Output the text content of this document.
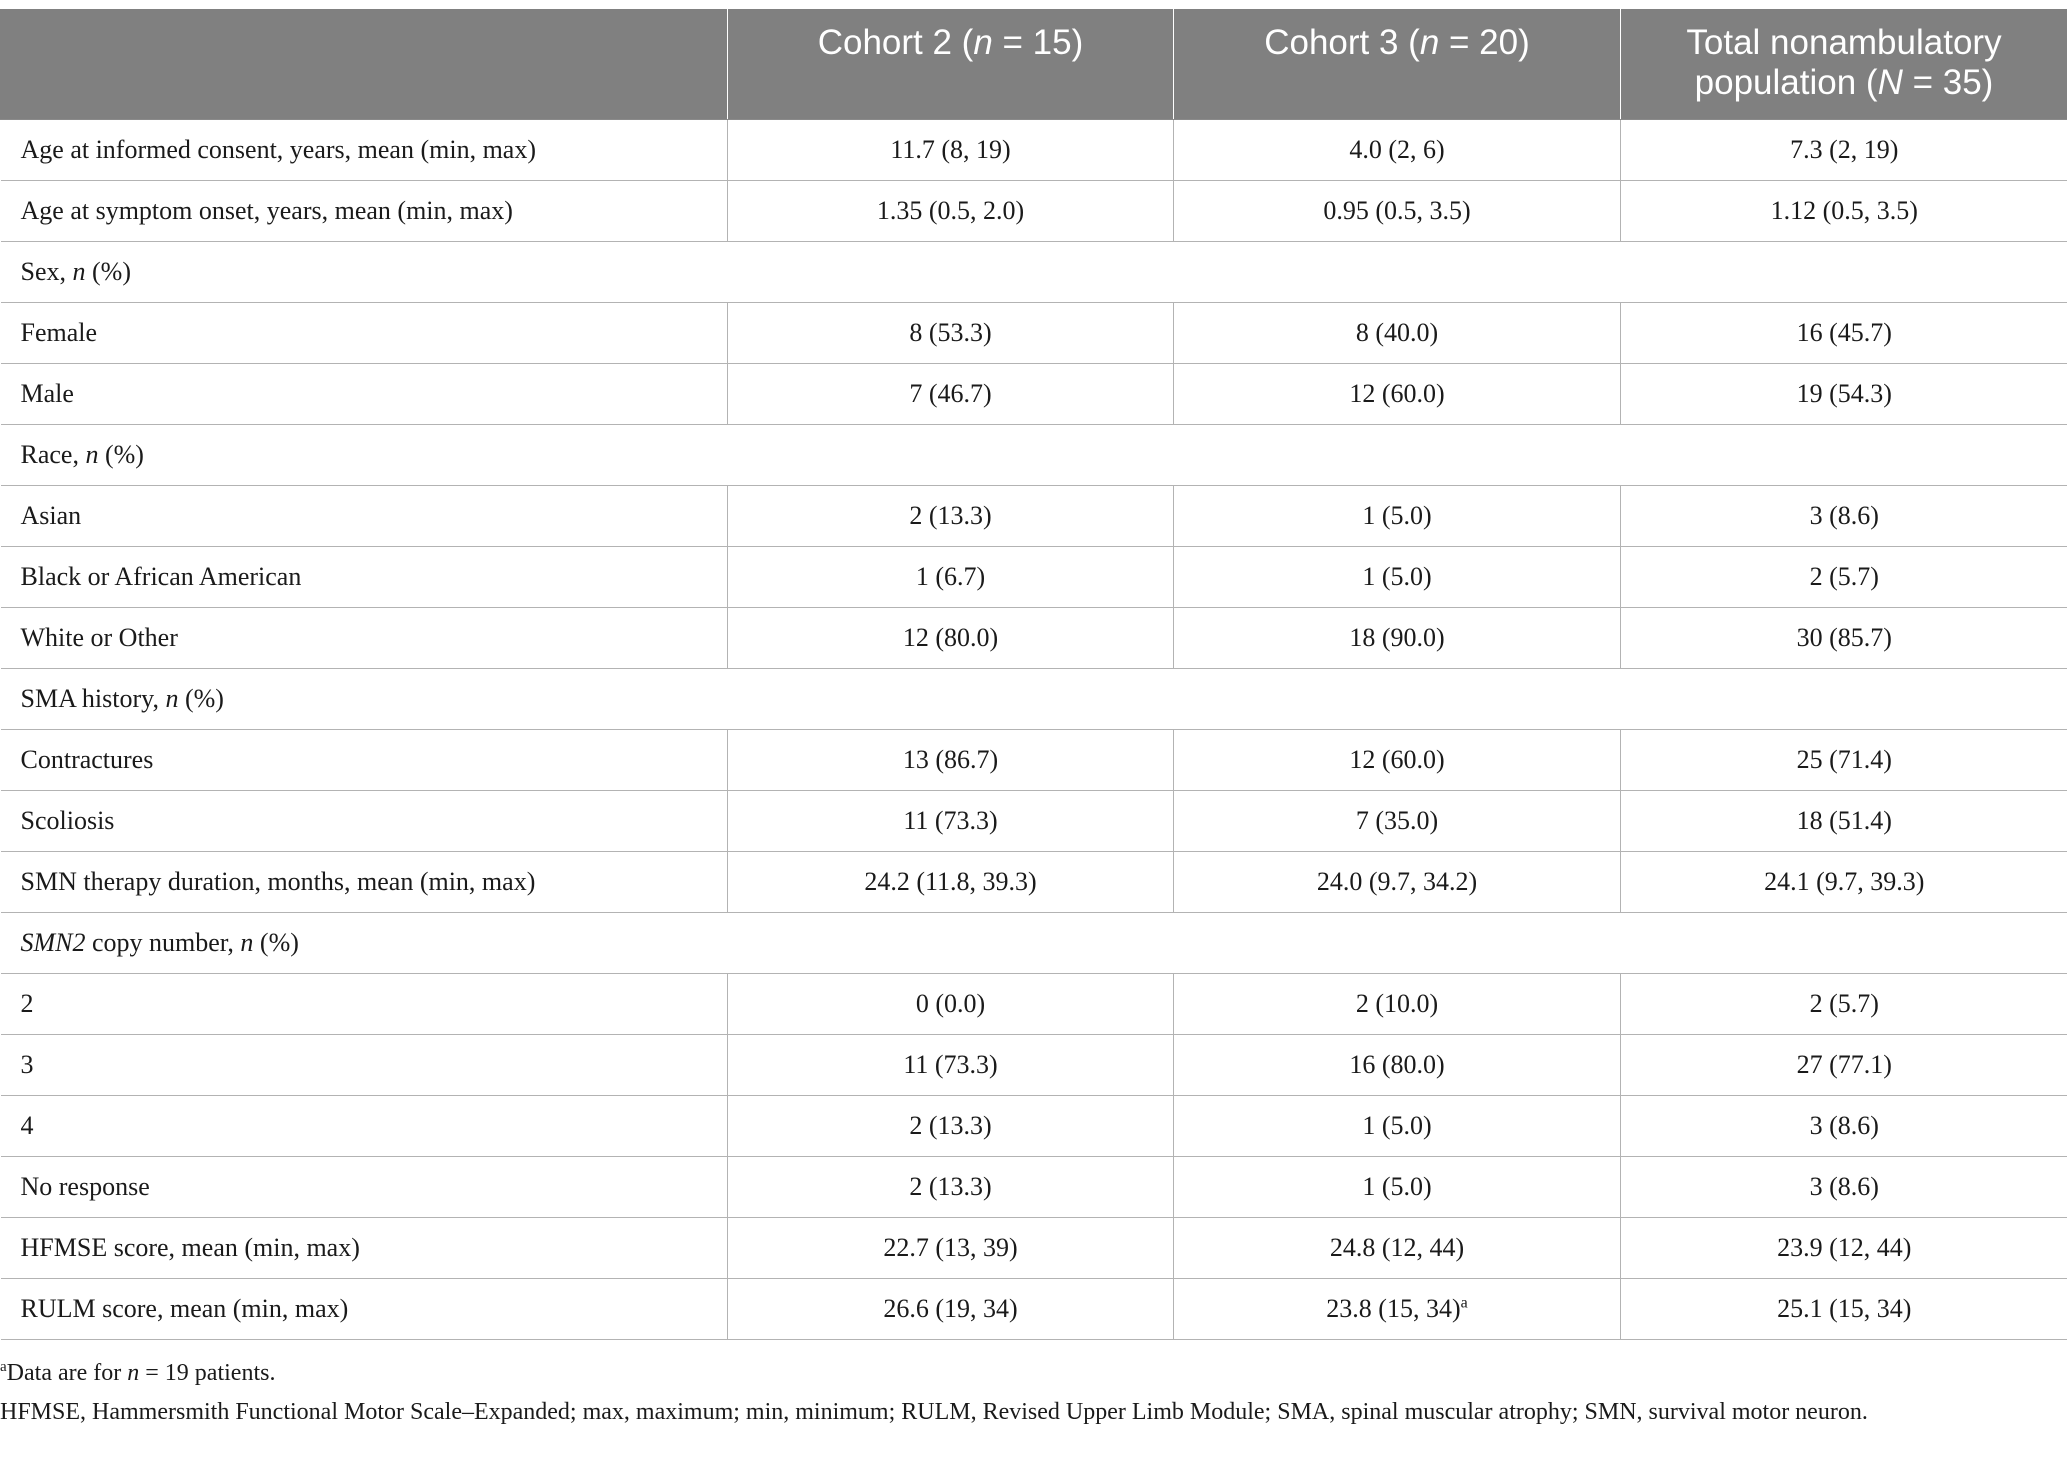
	Cohort 2 (n = 15)	Cohort 3 (n = 20)	Total nonambulatory population (N = 35)
Age at informed consent, years, mean (min, max)	11.7 (8, 19)	4.0 (2, 6)	7.3 (2, 19)
Age at symptom onset, years, mean (min, max)	1.35 (0.5, 2.0)	0.95 (0.5, 3.5)	1.12 (0.5, 3.5)
Sex, n (%)			
Female	8 (53.3)	8 (40.0)	16 (45.7)
Male	7 (46.7)	12 (60.0)	19 (54.3)
Race, n (%)			
Asian	2 (13.3)	1 (5.0)	3 (8.6)
Black or African American	1 (6.7)	1 (5.0)	2 (5.7)
White or Other	12 (80.0)	18 (90.0)	30 (85.7)
SMA history, n (%)			
Contractures	13 (86.7)	12 (60.0)	25 (71.4)
Scoliosis	11 (73.3)	7 (35.0)	18 (51.4)
SMN therapy duration, months, mean (min, max)	24.2 (11.8, 39.3)	24.0 (9.7, 34.2)	24.1 (9.7, 39.3)
SMN2 copy number, n (%)			
2	0 (0.0)	2 (10.0)	2 (5.7)
3	11 (73.3)	16 (80.0)	27 (77.1)
4	2 (13.3)	1 (5.0)	3 (8.6)
No response	2 (13.3)	1 (5.0)	3 (8.6)
HFMSE score, mean (min, max)	22.7 (13, 39)	24.8 (12, 44)	23.9 (12, 44)
RULM score, mean (min, max)	26.6 (19, 34)	23.8 (15, 34)$^a$	25.1 (15, 34)

$^a$Data are for n = 19 patients.

HFMSE, Hammersmith Functional Motor Scale–Expanded; max, maximum; min, minimum; RULM, Revised Upper Limb Module; SMA, spinal muscular atrophy; SMN, survival motor neuron.
